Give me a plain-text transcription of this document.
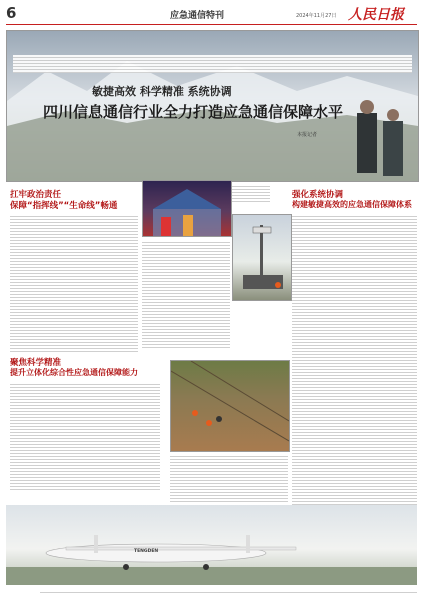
6	应急通信特刊	2024年11月27日 人民日报
敏捷高效 科学精准 系统协调
四川信息通信行业全力打造应急通信保障水平
本报记者
扛牢政治责任
保障“指挥线”“生命线”畅通
强化系统协调
构建敏捷高效的应急通信保障体系
聚焦科学精准
提升立体化综合性应急通信保障能力
TENGDEN
